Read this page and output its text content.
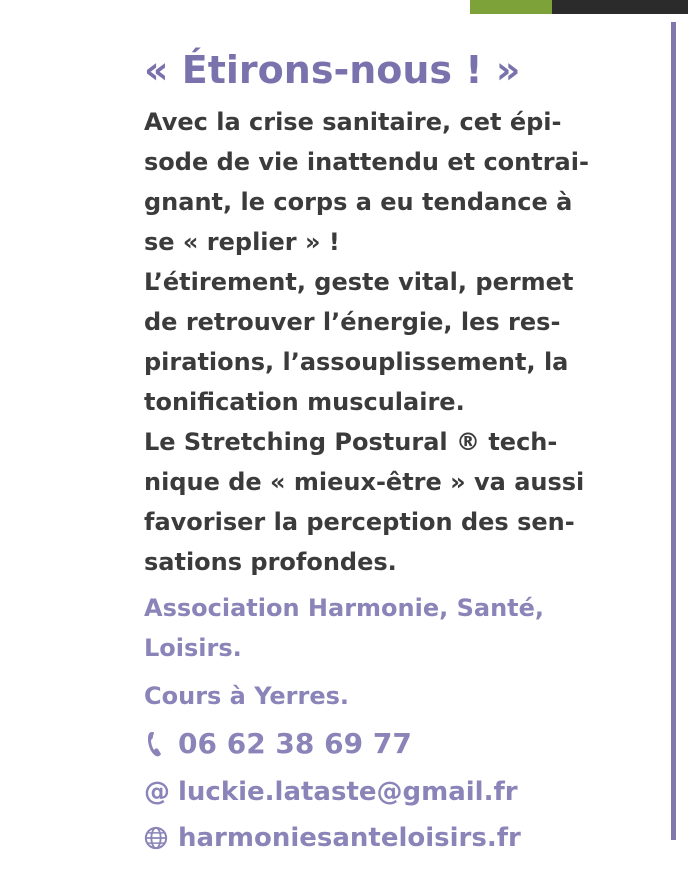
« Étirons-nous ! »
Avec la crise sanitaire, cet épi-
sode de vie inattendu et contrai-
gnant, le corps a eu tendance à
se « replier » !
L’étirement, geste vital, permet
de retrouver l’énergie, les res-
pirations, l’assouplissement, la
tonification musculaire.
Le Stretching Postural ® tech-
nique de « mieux-être » va aussi
favoriser la perception des sen-
sations profondes.
Association Harmonie, Santé,
Loisirs.
Cours à Yerres.
06 62 38 69 77
@ luckie.lataste@gmail.fr
harmoniesanteloisirs.fr
